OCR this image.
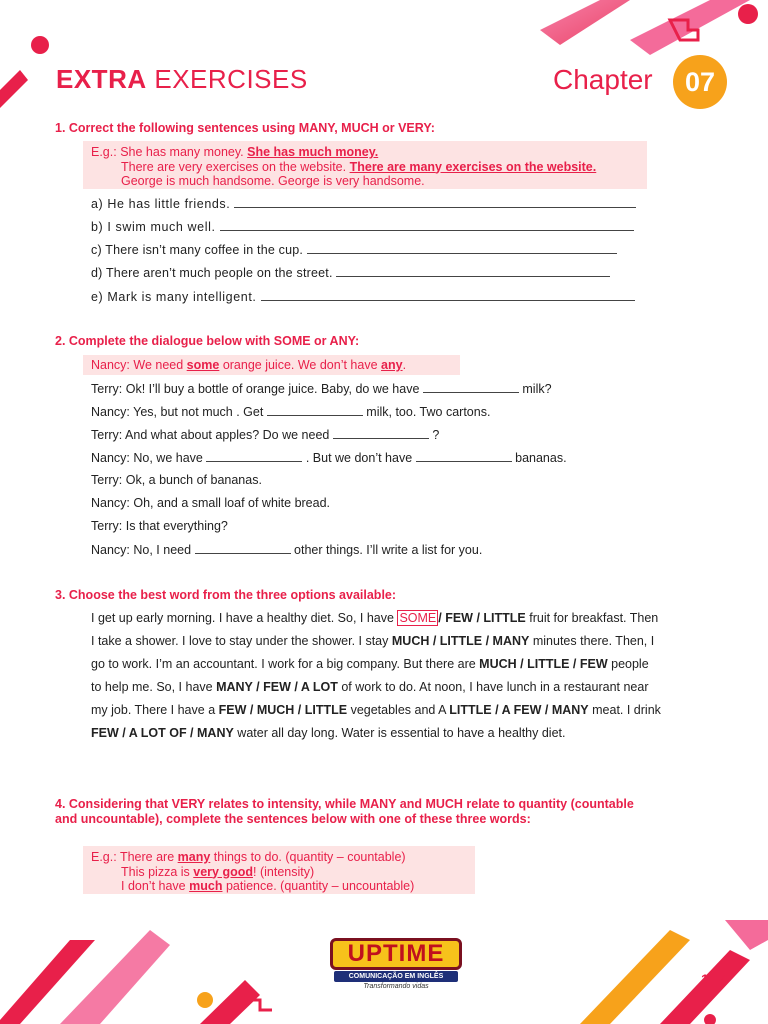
EXTRA EXERCISES	Chapter	07
1. Correct the following sentences using MANY, MUCH or VERY:
E.g.: She has many money. She has much money.
There are very exercises on the website. There are many exercises on the website.
George is much handsome. George is very handsome.
a) He has little friends.
b) I swim much well.
c) There isn’t many coffee in the cup.
d) There aren’t much people on the street.
e) Mark is many intelligent.
2. Complete the dialogue below with SOME or ANY:
Nancy: We need some orange juice. We don’t have any.
Terry: Ok! I’ll buy a bottle of orange juice. Baby, do we have	milk?
Nancy: Yes, but not much . Get	milk, too. Two cartons.
Terry: And what about apples? Do we need	?
Nancy: No, we have	. But we don’t have	bananas.
Terry: Ok, a bunch of bananas.
Nancy: Oh, and a small loaf of white bread.
Terry: Is that everything?
Nancy: No, I need	other things. I’ll write a list for you.
3. Choose the best word from the three options available:
I get up early morning. I have a healthy diet. So, I have SOME / FEW / LITTLE fruit for breakfast. Then I take a shower. I love to stay under the shower. I stay MUCH / LITTLE / MANY minutes there. Then, I go to work. I’m an accountant. I work for a big company. But there are MUCH / LITTLE / FEW people to help me. So, I have MANY / FEW / A LOT of work to do. At noon, I have lunch in a restaurant near my job. There I have a FEW / MUCH / LITTLE vegetables and A LITTLE / A FEW / MANY meat. I drink FEW / A LOT OF / MANY water all day long. Water is essential to have a healthy diet.
4. Considering that VERY relates to intensity, while MANY and MUCH relate to quantity (countable and uncountable), complete the sentences below with one of these three words:
E.g.: There are many things to do. (quantity – countable)
This pizza is very good! (intensity)
I don’t have much patience. (quantity – uncountable)
UPTIME
COMUNICAÇÃO EM INGLÊS
Transformando vidas	1 | 4
